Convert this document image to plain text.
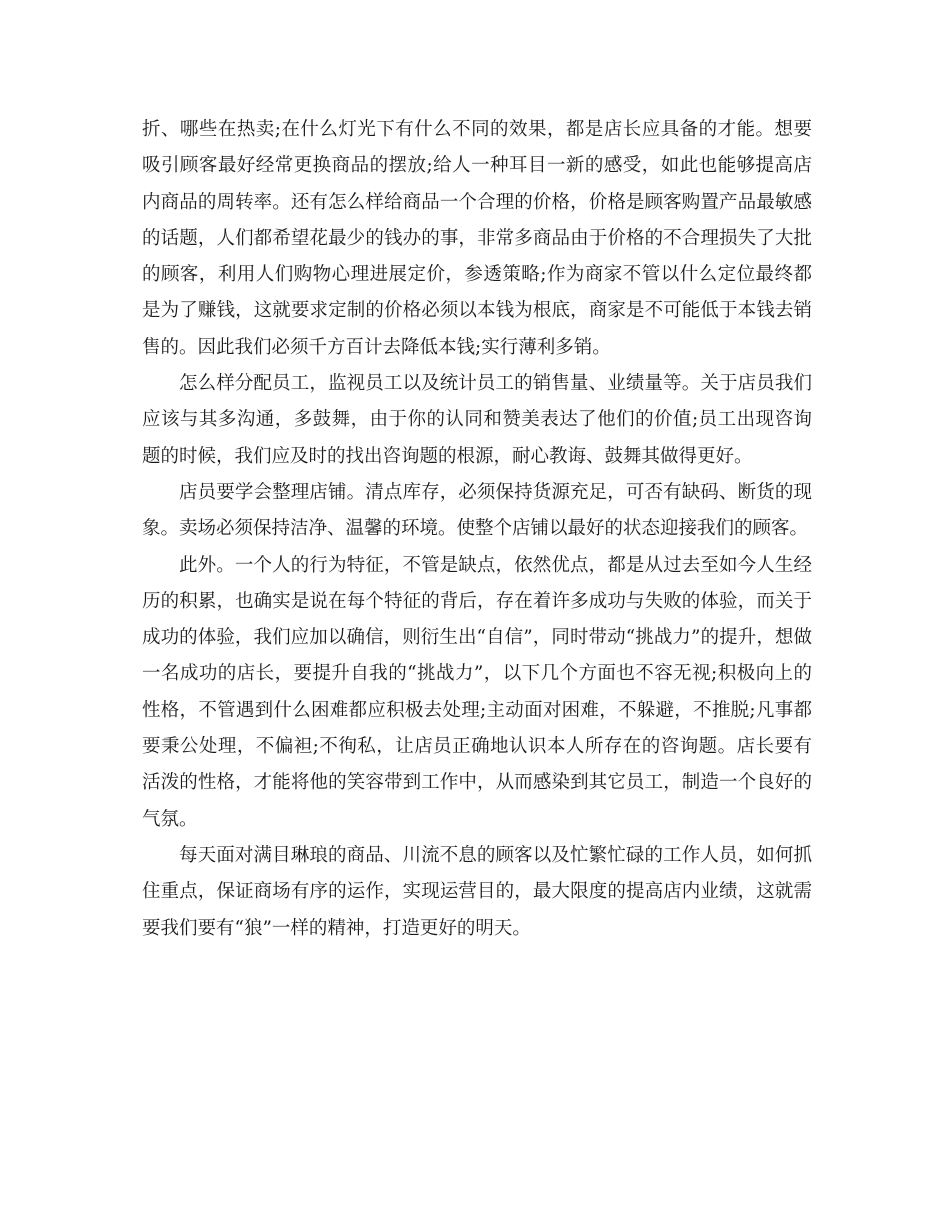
折、哪些在热卖;在什么灯光下有什么不同的效果，都是店长应具备的才能。想要吸引顾客最好经常更换商品的摆放;给人一种耳目一新的感受，如此也能够提高店内商品的周转率。还有怎么样给商品一个合理的价格，价格是顾客购置产品最敏感的话题，人们都希望花最少的钱办的事，非常多商品由于价格的不合理损失了大批的顾客，利用人们购物心理进展定价，参透策略;作为商家不管以什么定位最终都是为了赚钱，这就要求定制的价格必须以本钱为根底，商家是不可能低于本钱去销售的。因此我们必须千方百计去降低本钱;实行薄利多销。

怎么样分配员工，监视员工以及统计员工的销售量、业绩量等。关于店员我们应该与其多沟通，多鼓舞，由于你的认同和赞美表达了他们的价值;员工出现咨询题的时候，我们应及时的找出咨询题的根源，耐心教诲、鼓舞其做得更好。

店员要学会整理店铺。清点库存，必须保持货源充足，可否有缺码、断货的现象。卖场必须保持洁净、温馨的环境。使整个店铺以最好的状态迎接我们的顾客。

此外。一个人的行为特征，不管是缺点，依然优点，都是从过去至如今人生经历的积累，也确实是说在每个特征的背后，存在着许多成功与失败的体验，而关于成功的体验，我们应加以确信，则衍生出“自信”，同时带动“挑战力”的提升，想做一名成功的店长，要提升自我的“挑战力”，以下几个方面也不容无视;积极向上的性格，不管遇到什么困难都应积极去处理;主动面对困难，不躲避，不推脱;凡事都要秉公处理，不偏袒;不徇私，让店员正确地认识本人所存在的咨询题。店长要有活泼的性格，才能将他的笑容带到工作中，从而感染到其它员工，制造一个良好的气氛。

每天面对满目琳琅的商品、川流不息的顾客以及忙繁忙碌的工作人员，如何抓住重点，保证商场有序的运作，实现运营目的，最大限度的提高店内业绩，这就需要我们要有“狼”一样的精神，打造更好的明天。
